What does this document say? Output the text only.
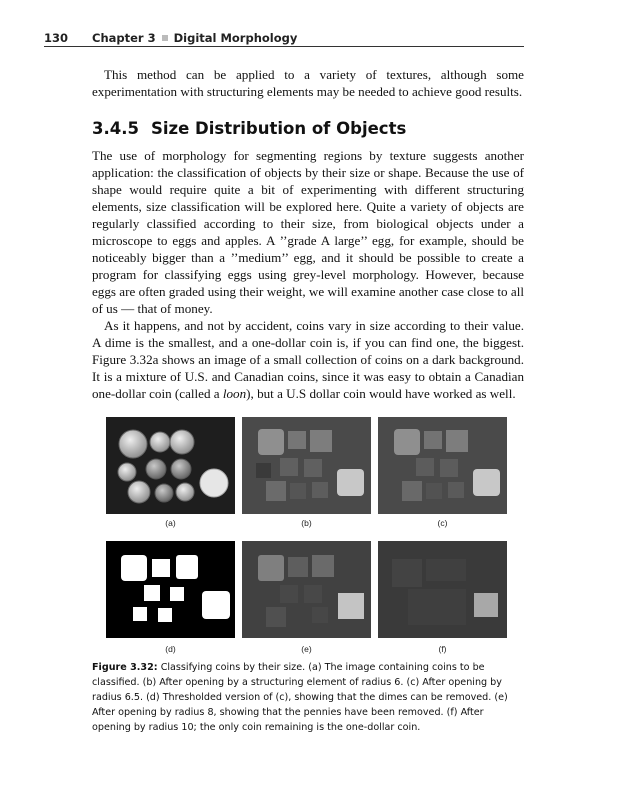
130 Chapter 3 Digital Morphology

This method can be applied to a variety of textures, although some experimentation with structuring elements may be needed to achieve good results.

3.4.5 Size Distribution of Objects

The use of morphology for segmenting regions by texture suggests another application: the classification of objects by their size or shape. Because the use of shape would require quite a bit of experimenting with different structuring elements, size classification will be explored here. Quite a variety of objects are regularly classified according to their size, from biological objects under a microscope to eggs and apples. A ’’grade A large’’ egg, for example, should be noticeably bigger than a ’’medium’’ egg, and it should be possible to create a program for classifying eggs using grey-level morphology. However, because eggs are often graded using their weight, we will examine another case close to all of us — that of money.

As it happens, and not by accident, coins vary in size according to their value. A dime is the smallest, and a one-dollar coin is, if you can find one, the biggest. Figure 3.32a shows an image of a small collection of coins on a dark background. It is a mixture of U.S. and Canadian coins, since it was easy to obtain a Canadian one-dollar coin (called a loon), but a U.S dollar coin would have worked as well.

(a)	(b)	(c)
(d)	(e)	(f)
Figure 3.32: Classifying coins by their size. (a) The image containing coins to be classified. (b) After opening by a structuring element of radius 6. (c) After opening by radius 6.5. (d) Thresholded version of (c), showing that the dimes can be removed. (e) After opening by radius 8, showing that the pennies have been removed. (f) After opening by radius 10; the only coin remaining is the one-dollar coin.
